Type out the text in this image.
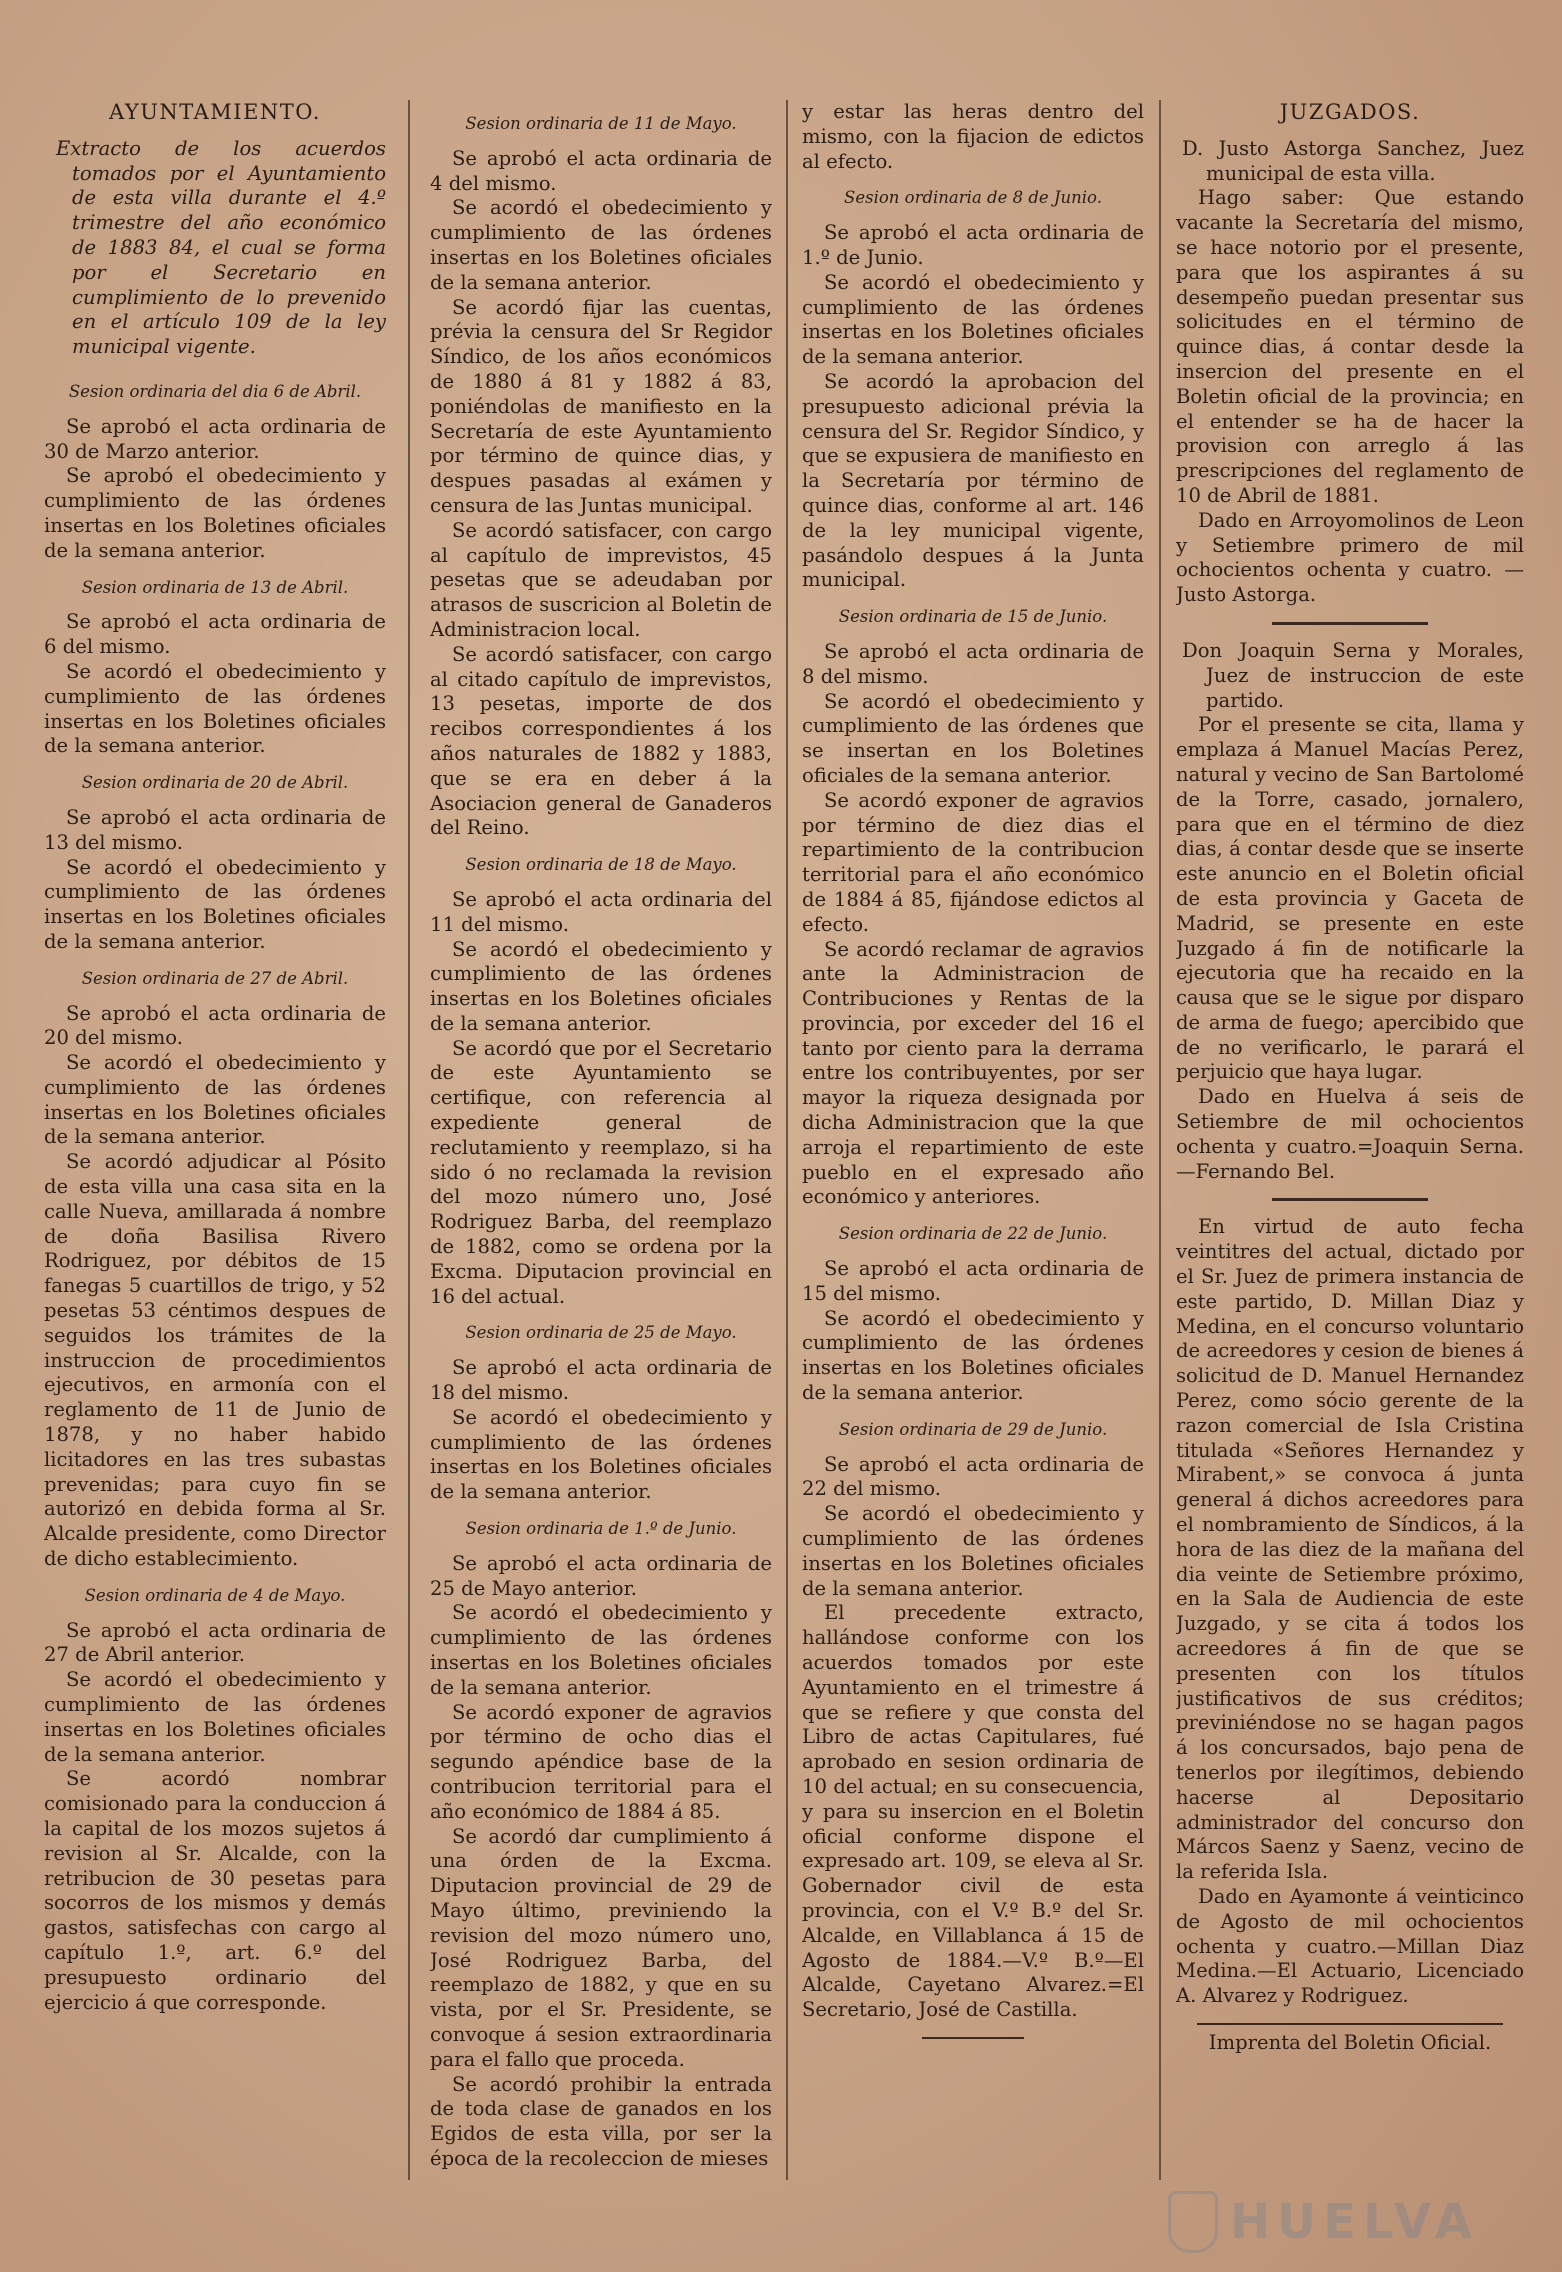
AYUNTAMIENTO.

Extracto de los acuerdos tomados por el Ayuntamiento de esta villa durante el 4.º trimestre del año económico de 1883 84, el cual se forma por el Secretario en cumplimiento de lo prevenido en el artículo 109 de la ley municipal vigente.

Sesion ordinaria del dia 6 de Abril.

Se aprobó el acta ordinaria de 30 de Marzo anterior.

Se aprobó el obedecimiento y cumplimiento de las órdenes insertas en los Boletines oficiales de la semana anterior.

Sesion ordinaria de 13 de Abril.

Se aprobó el acta ordinaria de 6 del mismo.

Se acordó el obedecimiento y cumplimiento de las órdenes insertas en los Boletines oficiales de la semana anterior.

Sesion ordinaria de 20 de Abril.

Se aprobó el acta ordinaria de 13 del mismo.

Se acordó el obedecimiento y cumplimiento de las órdenes insertas en los Boletines oficiales de la semana anterior.

Sesion ordinaria de 27 de Abril.

Se aprobó el acta ordinaria de 20 del mismo.

Se acordó el obedecimiento y cumplimiento de las órdenes insertas en los Boletines oficiales de la semana anterior.

Se acordó adjudicar al Pósito de esta villa una casa sita en la calle Nueva, amillarada á nombre de doña Basilisa Rivero Rodriguez, por débitos de 15 fanegas 5 cuartillos de trigo, y 52 pesetas 53 céntimos despues de seguidos los trámites de la instruccion de procedimientos ejecutivos, en armonía con el reglamento de 11 de Junio de 1878, y no haber habido licitadores en las tres subastas prevenidas; para cuyo fin se autorizó en debida forma al Sr. Alcalde presidente, como Director de dicho establecimiento.

Sesion ordinaria de 4 de Mayo.

Se aprobó el acta ordinaria de 27 de Abril anterior.

Se acordó el obedecimiento y cumplimiento de las órdenes insertas en los Boletines oficiales de la semana anterior.

Se acordó nombrar comisionado para la conduccion á la capital de los mozos sujetos á revision al Sr. Alcalde, con la retribucion de 30 pesetas para socorros de los mismos y demás gastos, satisfechas con cargo al capítulo 1.º, art. 6.º del presupuesto ordinario del ejercicio á que corresponde.

Sesion ordinaria de 11 de Mayo.

Se aprobó el acta ordinaria de 4 del mismo.

Se acordó el obedecimiento y cumplimiento de las órdenes insertas en los Boletines oficiales de la semana anterior.

Se acordó fijar las cuentas, prévia la censura del Sr Regidor Síndico, de los años económicos de 1880 á 81 y 1882 á 83, poniéndolas de manifiesto en la Secretaría de este Ayuntamiento por término de quince dias, y despues pasadas al exámen y censura de las Juntas municipal.

Se acordó satisfacer, con cargo al capítulo de imprevistos, 45 pesetas que se adeudaban por atrasos de suscricion al Boletin de Administracion local.

Se acordó satisfacer, con cargo al citado capítulo de imprevistos, 13 pesetas, importe de dos recibos correspondientes á los años naturales de 1882 y 1883, que se era en deber á la Asociacion general de Ganaderos del Reino.

Sesion ordinaria de 18 de Mayo.

Se aprobó el acta ordinaria del 11 del mismo.

Se acordó el obedecimiento y cumplimiento de las órdenes insertas en los Boletines oficiales de la semana anterior.

Se acordó que por el Secretario de este Ayuntamiento se certifique, con referencia al expediente general de reclutamiento y reemplazo, si ha sido ó no reclamada la revision del mozo número uno, José Rodriguez Barba, del reemplazo de 1882, como se ordena por la Excma. Diputacion provincial en 16 del actual.

Sesion ordinaria de 25 de Mayo.

Se aprobó el acta ordinaria de 18 del mismo.

Se acordó el obedecimiento y cumplimiento de las órdenes insertas en los Boletines oficiales de la semana anterior.

Sesion ordinaria de 1.º de Junio.

Se aprobó el acta ordinaria de 25 de Mayo anterior.

Se acordó el obedecimiento y cumplimiento de las órdenes insertas en los Boletines oficiales de la semana anterior.

Se acordó exponer de agravios por término de ocho dias el segundo apéndice base de la contribucion territorial para el año económico de 1884 á 85.

Se acordó dar cumplimiento á una órden de la Excma. Diputacion provincial de 29 de Mayo último, previniendo la revision del mozo número uno, José Rodriguez Barba, del reemplazo de 1882, y que en su vista, por el Sr. Presidente, se convoque á sesion extraordinaria para el fallo que proceda.

Se acordó prohibir la entrada de toda clase de ganados en los Egidos de esta villa, por ser la época de la recoleccion de mieses

y estar las heras dentro del mismo, con la fijacion de edictos al efecto.

Sesion ordinaria de 8 de Junio.

Se aprobó el acta ordinaria de 1.º de Junio.

Se acordó el obedecimiento y cumplimiento de las órdenes insertas en los Boletines oficiales de la semana anterior.

Se acordó la aprobacion del presupuesto adicional prévia la censura del Sr. Regidor Síndico, y que se expusiera de manifiesto en la Secretaría por término de quince dias, conforme al art. 146 de la ley municipal vigente, pasándolo despues á la Junta municipal.

Sesion ordinaria de 15 de Junio.

Se aprobó el acta ordinaria de 8 del mismo.

Se acordó el obedecimiento y cumplimiento de las órdenes que se insertan en los Boletines oficiales de la semana anterior.

Se acordó exponer de agravios por término de diez dias el repartimiento de la contribucion territorial para el año económico de 1884 á 85, fijándose edictos al efecto.

Se acordó reclamar de agravios ante la Administracion de Contribuciones y Rentas de la provincia, por exceder del 16 el tanto por ciento para la derrama entre los contribuyentes, por ser mayor la riqueza designada por dicha Administracion que la que arroja el repartimiento de este pueblo en el expresado año económico y anteriores.

Sesion ordinaria de 22 de Junio.

Se aprobó el acta ordinaria de 15 del mismo.

Se acordó el obedecimiento y cumplimiento de las órdenes insertas en los Boletines oficiales de la semana anterior.

Sesion ordinaria de 29 de Junio.

Se aprobó el acta ordinaria de 22 del mismo.

Se acordó el obedecimiento y cumplimiento de las órdenes insertas en los Boletines oficiales de la semana anterior.

El precedente extracto, hallándose conforme con los acuerdos tomados por este Ayuntamiento en el trimestre á que se refiere y que consta del Libro de actas Capitulares, fué aprobado en sesion ordinaria de 10 del actual; en su consecuencia, y para su insercion en el Boletin oficial conforme dispone el expresado art. 109, se eleva al Sr. Gobernador civil de esta provincia, con el V.º B.º del Sr. Alcalde, en Villablanca á 15 de Agosto de 1884.—V.º B.º—El Alcalde, Cayetano Alvarez.=El Secretario, José de Castilla.

JUZGADOS.

D. Justo Astorga Sanchez, Juez municipal de esta villa.

Hago saber: Que estando vacante la Secretaría del mismo, se hace notorio por el presente, para que los aspirantes á su desempeño puedan presentar sus solicitudes en el término de quince dias, á contar desde la insercion del presente en el Boletin oficial de la provincia; en el entender se ha de hacer la provision con arreglo á las prescripciones del reglamento de 10 de Abril de 1881.

Dado en Arroyomolinos de Leon y Setiembre primero de mil ochocientos ochenta y cuatro. —Justo Astorga.

Don Joaquin Serna y Morales, Juez de instruccion de este partido.

Por el presente se cita, llama y emplaza á Manuel Macías Perez, natural y vecino de San Bartolomé de la Torre, casado, jornalero, para que en el término de diez dias, á contar desde que se inserte este anuncio en el Boletin oficial de esta provincia y Gaceta de Madrid, se presente en este Juzgado á fin de notificarle la ejecutoria que ha recaido en la causa que se le sigue por disparo de arma de fuego; apercibido que de no verificarlo, le parará el perjuicio que haya lugar.

Dado en Huelva á seis de Setiembre de mil ochocientos ochenta y cuatro.=Joaquin Serna.—Fernando Bel.

En virtud de auto fecha veintitres del actual, dictado por el Sr. Juez de primera instancia de este partido, D. Millan Diaz y Medina, en el concurso voluntario de acreedores y cesion de bienes á solicitud de D. Manuel Hernandez Perez, como sócio gerente de la razon comercial de Isla Cristina titulada «Señores Hernandez y Mirabent,» se convoca á junta general á dichos acreedores para el nombramiento de Síndicos, á la hora de las diez de la mañana del dia veinte de Setiembre próximo, en la Sala de Audiencia de este Juzgado, y se cita á todos los acreedores á fin de que se presenten con los títulos justificativos de sus créditos; previniéndose no se hagan pagos á los concursados, bajo pena de tenerlos por ilegítimos, debiendo hacerse al Depositario administrador del concurso don Márcos Saenz y Saenz, vecino de la referida Isla.

Dado en Ayamonte á veinticinco de Agosto de mil ochocientos ochenta y cuatro.—Millan Diaz Medina.—El Actuario, Licenciado A. Alvarez y Rodriguez.

Imprenta del Boletin Oficial.

HUELVA
